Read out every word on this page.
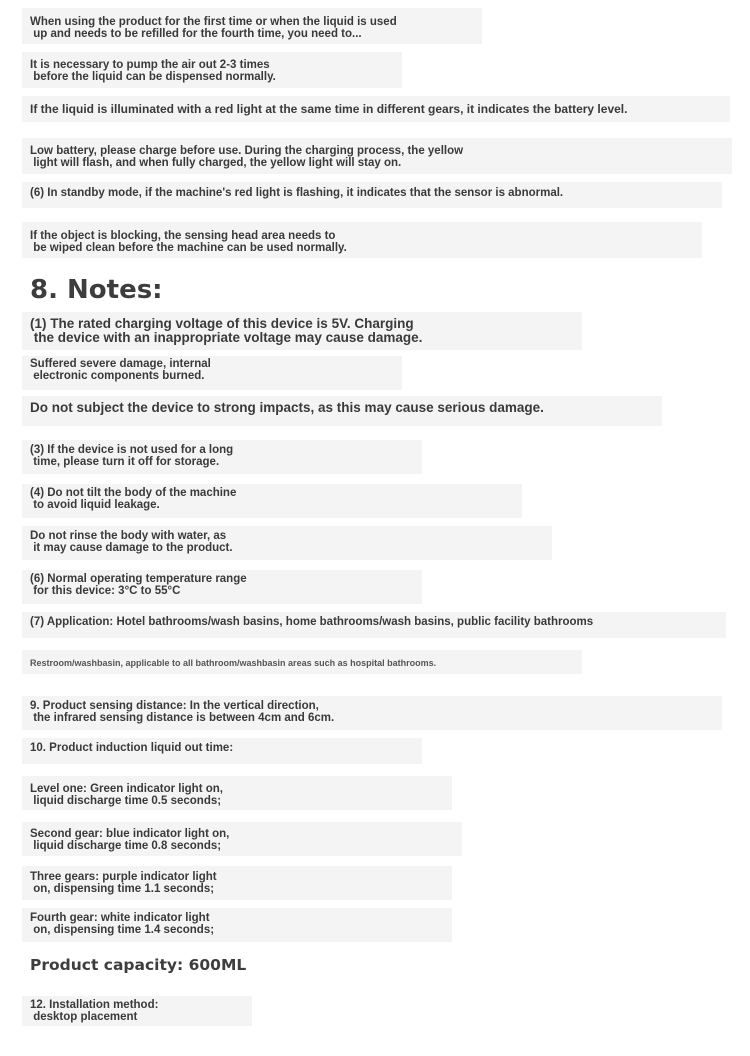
When using the product for the first time or when the liquid is used
up and needs to be refilled for the fourth time, you need to...

It is necessary to pump the air out 2-3 times
before the liquid can be dispensed normally.

If the liquid is illuminated with a red light at the same time in different gears, it indicates the battery level.

Low battery, please charge before use. During the charging process, the yellow
light will flash, and when fully charged, the yellow light will stay on.

(6) In standby mode, if the machine's red light is flashing, it indicates that the sensor is abnormal.

If the object is blocking, the sensing head area needs to
be wiped clean before the machine can be used normally.

8. Notes:

(1) The rated charging voltage of this device is 5V. Charging
the device with an inappropriate voltage may cause damage.

Suffered severe damage, internal
electronic components burned.

Do not subject the device to strong impacts, as this may cause serious damage.

(3) If the device is not used for a long
time, please turn it off for storage.

(4) Do not tilt the body of the machine
to avoid liquid leakage.

Do not rinse the body with water, as
it may cause damage to the product.

(6) Normal operating temperature range
for this device: 3°C to 55°C

(7) Application: Hotel bathrooms/wash basins, home bathrooms/wash basins, public facility bathrooms

Restroom/washbasin, applicable to all bathroom/washbasin areas such as hospital bathrooms.

9. Product sensing distance: In the vertical direction,
the infrared sensing distance is between 4cm and 6cm.

10. Product induction liquid out time:

Level one: Green indicator light on,
liquid discharge time 0.5 seconds;

Second gear: blue indicator light on,
liquid discharge time 0.8 seconds;

Three gears: purple indicator light
on, dispensing time 1.1 seconds;

Fourth gear: white indicator light
on, dispensing time 1.4 seconds;

Product capacity: 600ML

12. Installation method:
desktop placement
